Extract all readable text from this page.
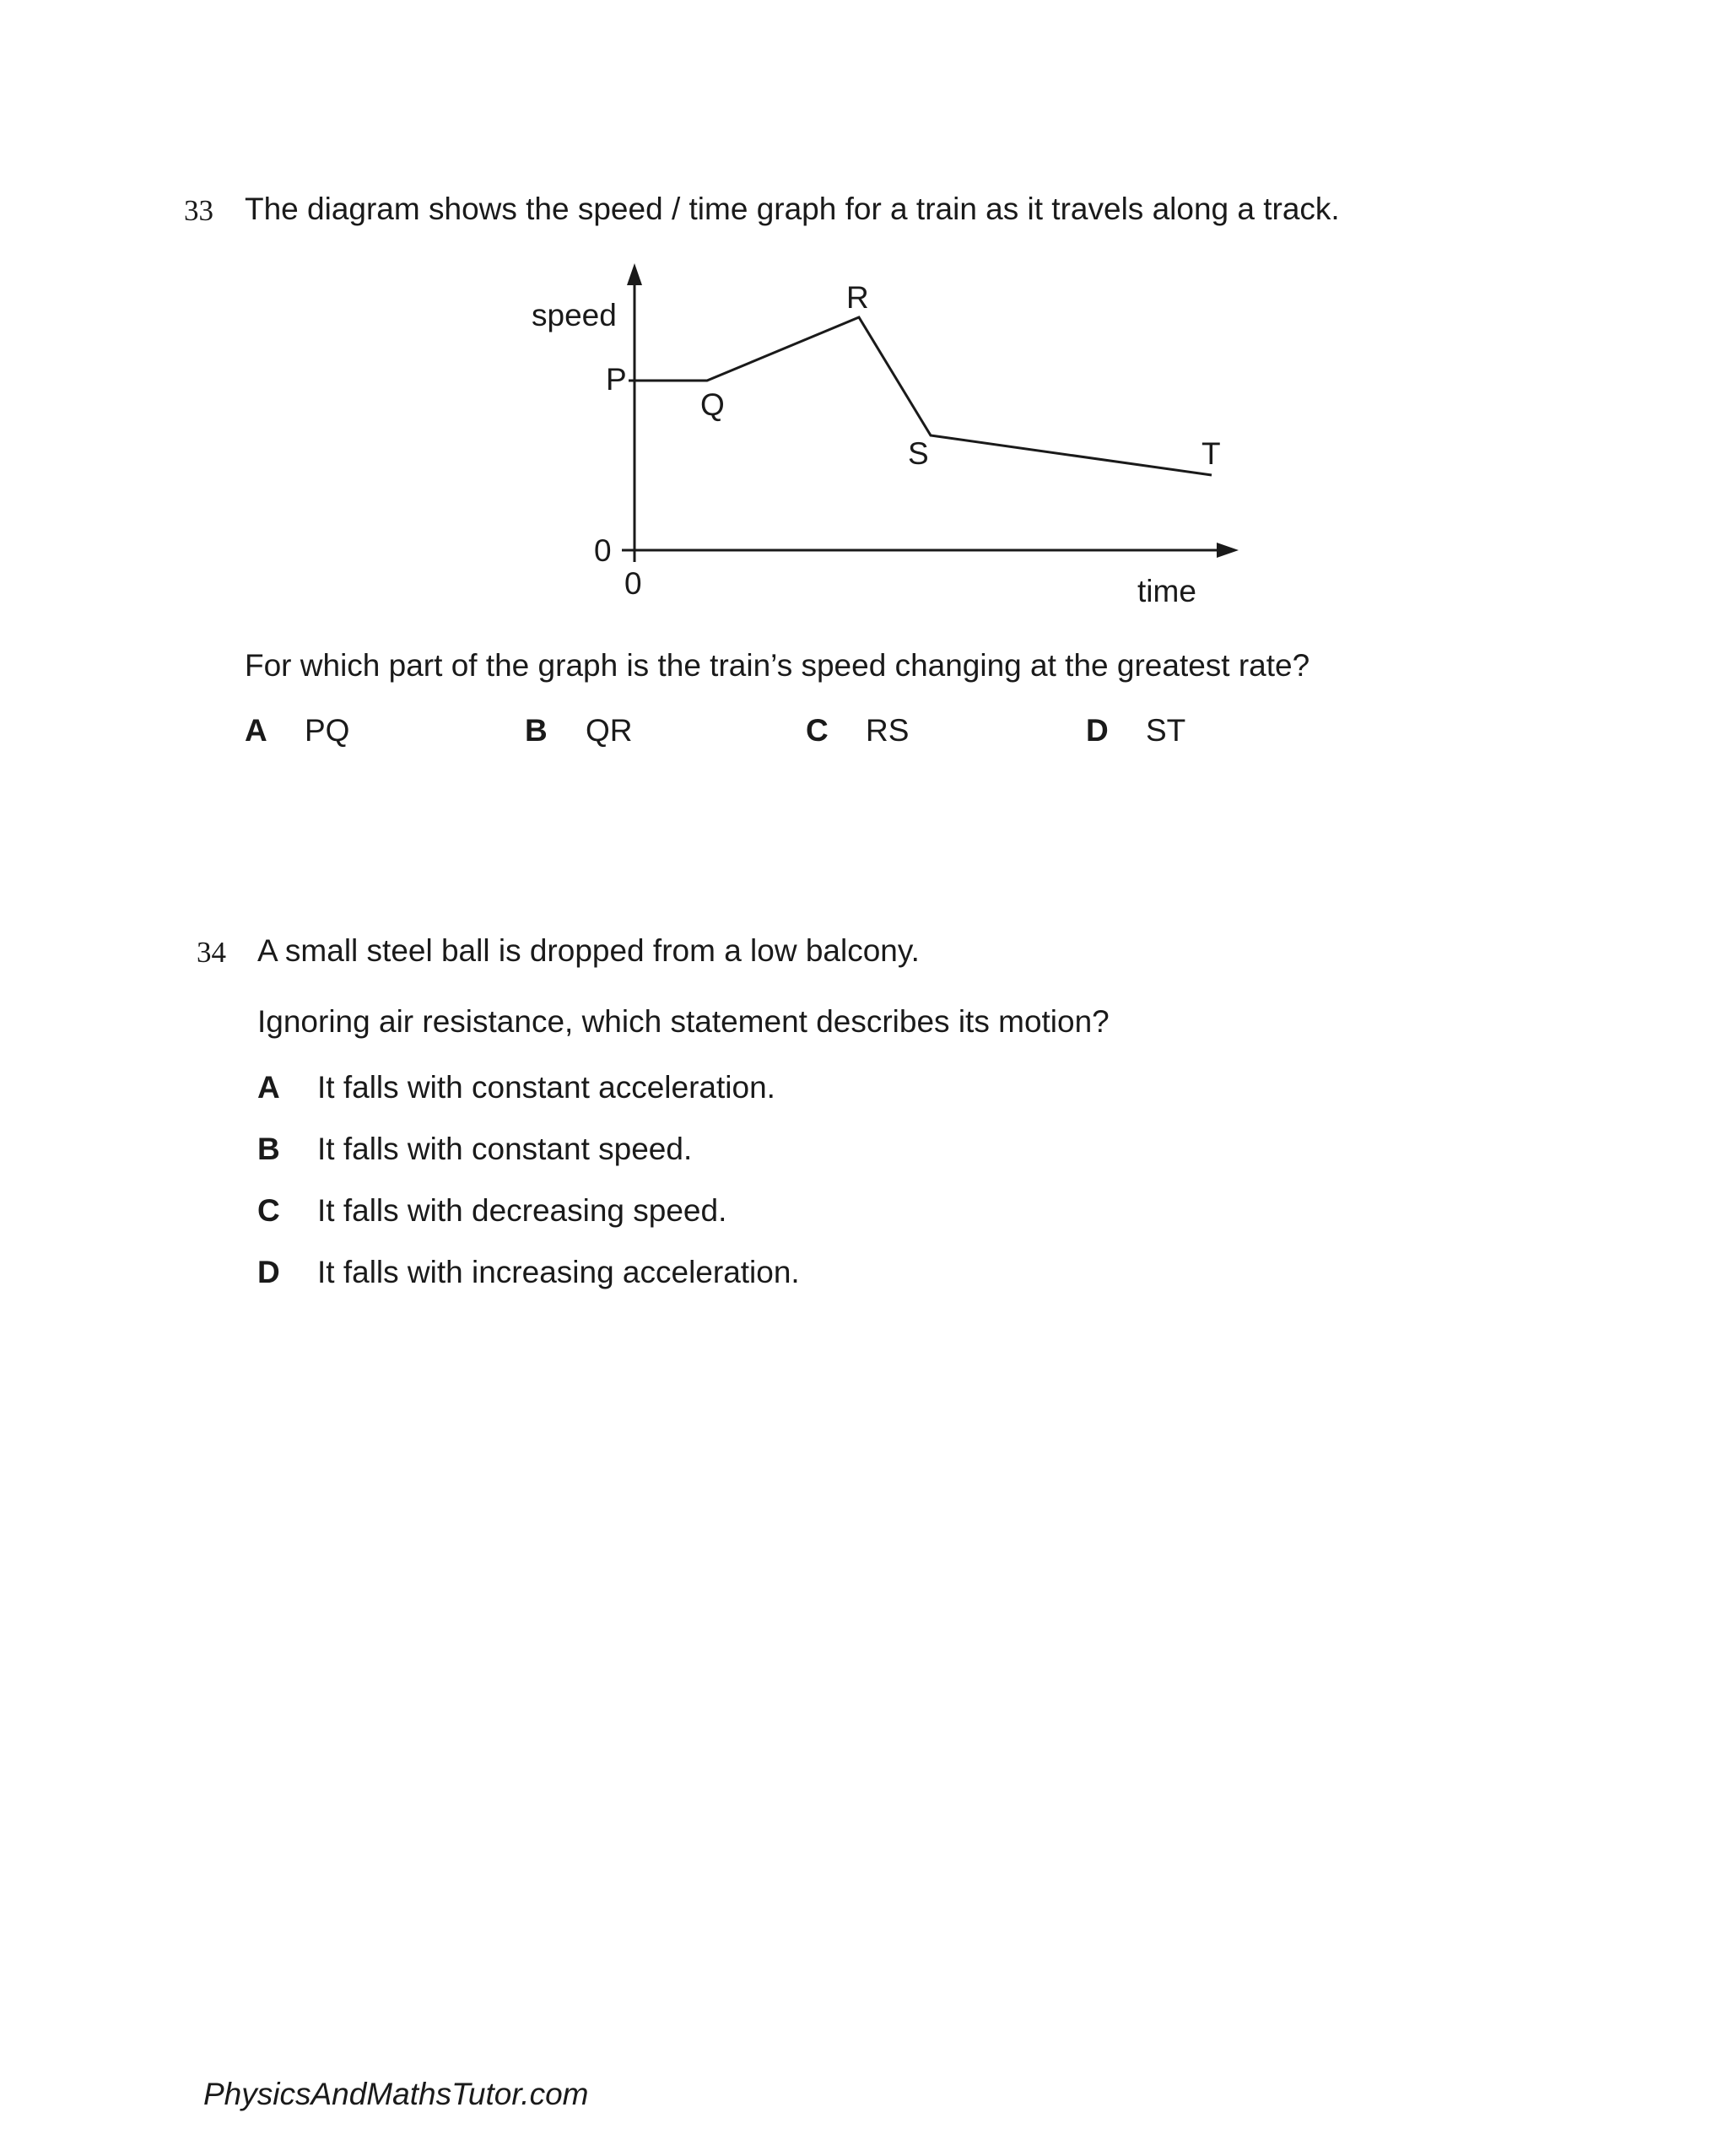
33 The diagram shows the speed / time graph for a train as it travels along a track.
speed
time
0
0
P
Q
R
S	T
For which part of the graph is the train’s speed changing at the greatest rate?
A PQ	B QR	C RS	D ST
34 A small steel ball is dropped from a low balcony.
Ignoring air resistance, which statement describes its motion?
A It falls with constant acceleration.
B It falls with constant speed.
C It falls with decreasing speed.
D It falls with increasing acceleration.
PhysicsAndMathsTutor.com
